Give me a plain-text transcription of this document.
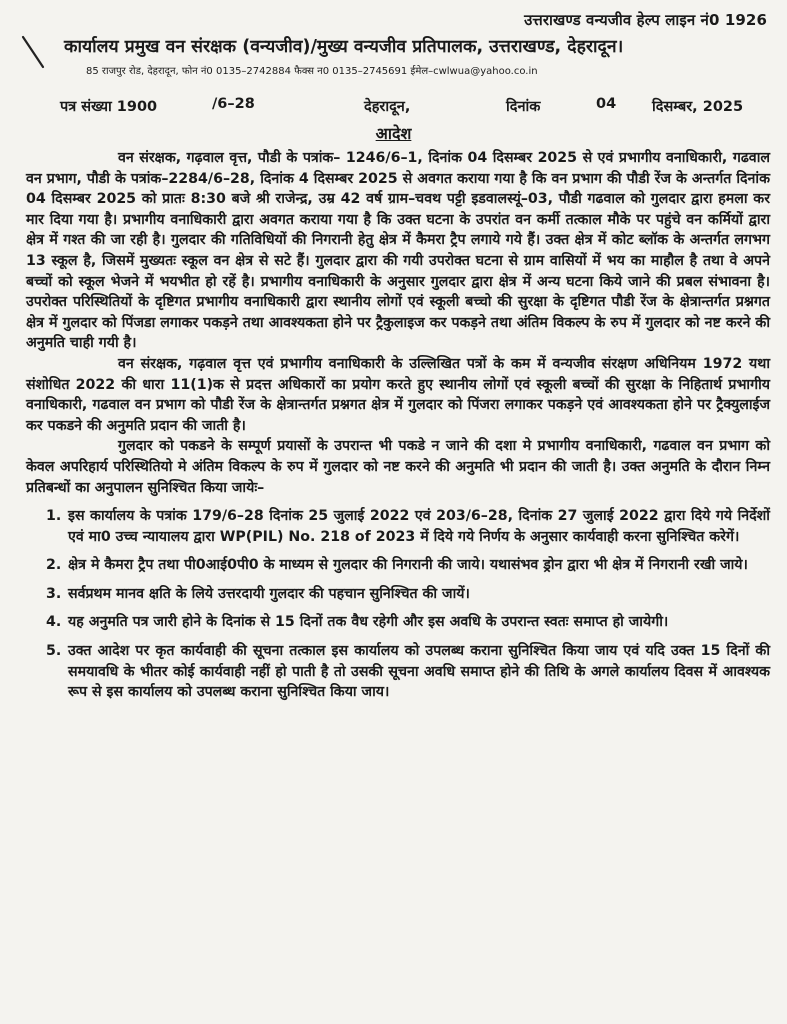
उत्तराखण्ड वन्यजीव हेल्प लाइन नं0 1926
कार्यालय प्रमुख वन संरक्षक (वन्यजीव)/मुख्य वन्यजीव प्रतिपालक, उत्तराखण्ड, देहरादून।
85 राजपुर रोड, देहरादून, फोन नं0 0135–2742884 फैक्स न0 0135–2745691 ईमेल–cwlwua@yahoo.co.in
पत्र संख्या 1900	/6–28	देहरादून,	दिनांक	04 दिसम्बर, 2025
आदेश

वन संरक्षक, गढ़वाल वृत्त, पौडी के पत्रांक– 1246/6–1, दिनांक 04 दिसम्बर 2025 से एवं प्रभागीय वनाधिकारी, गढवाल वन प्रभाग, पौडी के पत्रांक–2284/6–28, दिनांक 4 दिसम्बर 2025 से अवगत कराया गया है कि वन प्रभाग की पौडी रेंज के अन्तर्गत दिनांक 04 दिसम्बर 2025 को प्रातः 8:30 बजे श्री राजेन्द्र, उम्र 42 वर्ष ग्राम–चवथ पट्टी इडवालस्यूं–03, पौडी गढवाल को गुलदार द्वारा हमला कर मार दिया गया है। प्रभागीय वनाधिकारी द्वारा अवगत कराया गया है कि उक्त घटना के उपरांत वन कर्मी तत्काल मौके पर पहुंचे वन कर्मियों द्वारा क्षेत्र में गश्त की जा रही है। गुलदार की गतिविधियों की निगरानी हेतु क्षेत्र में कैमरा ट्रैप लगाये गये हैं। उक्त क्षेत्र में कोट ब्लॉक के अन्तर्गत लगभग 13 स्कूल है, जिसमें मुख्यतः स्कूल वन क्षेत्र से सटे हैं। गुलदार द्वारा की गयी उपरोक्त घटना से ग्राम वासियों में भय का माहौल है तथा वे अपने बच्चों को स्कूल भेजने में भयभीत हो रहें है। प्रभागीय वनाधिकारी के अनुसार गुलदार द्वारा क्षेत्र में अन्य घटना किये जाने की प्रबल संभावना है। उपरोक्त परिस्थितियों के दृष्टिगत प्रभागीय वनाधिकारी द्वारा स्थानीय लोगों एवं स्कूली बच्चो की सुरक्षा के दृष्टिगत पौडी रेंज के क्षेत्रान्तर्गत प्रश्नगत क्षेत्र में गुलदार को पिंजडा लगाकर पकड़ने तथा आवश्यकता होने पर ट्रैकुलाइज कर पकड़ने तथा अंतिम विकल्प के रुप में गुलदार को नष्ट करने की अनुमति चाही गयी है।

वन संरक्षक, गढ़वाल वृत्त एवं प्रभागीय वनाधिकारी के उल्लिखित पत्रों के कम में वन्यजीव संरक्षण अधिनियम 1972 यथा संशोधित 2022 की धारा 11(1)क से प्रदत्त अधिकारों का प्रयोग करते हुए स्थानीय लोगों एवं स्कूली बच्चों की सुरक्षा के निहितार्थ प्रभागीय वनाधिकारी, गढवाल वन प्रभाग को पौडी रेंज के क्षेत्रान्तर्गत प्रश्नगत क्षेत्र में गुलदार को पिंजरा लगाकर पकड़ने एवं आवश्यकता होने पर ट्रैक्युलाईज कर पकडने की अनुमति प्रदान की जाती है।

गुलदार को पकडने के सम्पूर्ण प्रयासों के उपरान्त भी पकडे न जाने की दशा मे प्रभागीय वनाधिकारी, गढवाल वन प्रभाग को केवल अपरिहार्य परिस्थितियो मे अंतिम विकल्प के रुप में गुलदार को नष्ट करने की अनुमति भी प्रदान की जाती है। उक्त अनुमति के दौरान निम्न प्रतिबन्धों का अनुपालन सुनिश्चित किया जायेः–

1. इस कार्यालय के पत्रांक 179/6–28 दिनांक 25 जुलाई 2022 एवं 203/6–28, दिनांक 27 जुलाई 2022 द्वारा दिये गये निर्देशों एवं मा0 उच्च न्यायालय द्वारा WP(PIL) No. 218 of 2023 में दिये गये निर्णय के अनुसार कार्यवाही करना सुनिश्चित करेगें।
2. क्षेत्र मे कैमरा ट्रैप तथा पी0आई0पी0 के माध्यम से गुलदार की निगरानी की जाये। यथासंभव ड्रोन द्वारा भी क्षेत्र में निगरानी रखी जाये।
3. सर्वप्रथम मानव क्षति के लिये उत्तरदायी गुलदार की पहचान सुनिश्चित की जायें।
4. यह अनुमति पत्र जारी होने के दिनांक से 15 दिनों तक वैध रहेगी और इस अवधि के उपरान्त स्वतः समाप्त हो जायेगी।
5. उक्त आदेश पर कृत कार्यवाही की सूचना तत्काल इस कार्यालय को उपलब्ध कराना सुनिश्चित किया जाय एवं यदि उक्त 15 दिनों की समयावधि के भीतर कोई कार्यवाही नहीं हो पाती है तो उसकी सूचना अवधि समाप्त होने की तिथि के अगले कार्यालय दिवस में आवश्यक रूप से इस कार्यालय को उपलब्ध कराना सुनिश्चित किया जाय।
